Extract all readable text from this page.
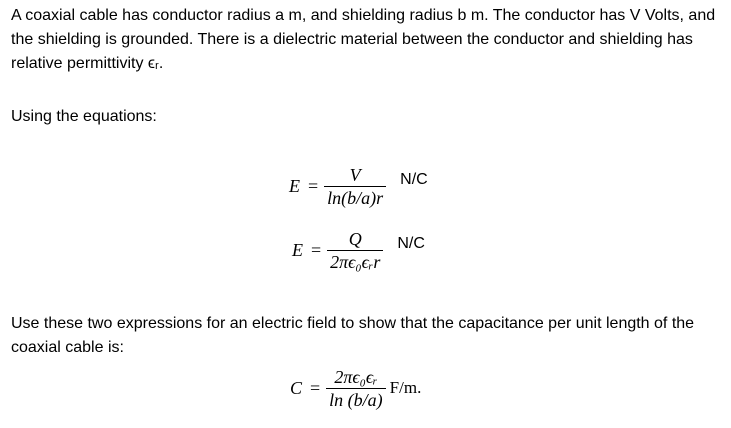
A coaxial cable has conductor radius a m, and shielding radius b m. The conductor has V Volts, and the shielding is grounded. There is a dielectric material between the conductor and shielding has relative permittivity ϵᵣ.

Using the equations:

$E = \frac{V}{\ln(b/a)r} N/C$
$E = \frac{Q}{\text{2πϵ₀ϵᵣr}} N/C$

Use these two expressions for an electric field to show that the capacitance per unit length of the coaxial cable is:

$C = \frac{\text{2πϵ₀ϵᵣ}}{\ln (b/a)} F/m$.
